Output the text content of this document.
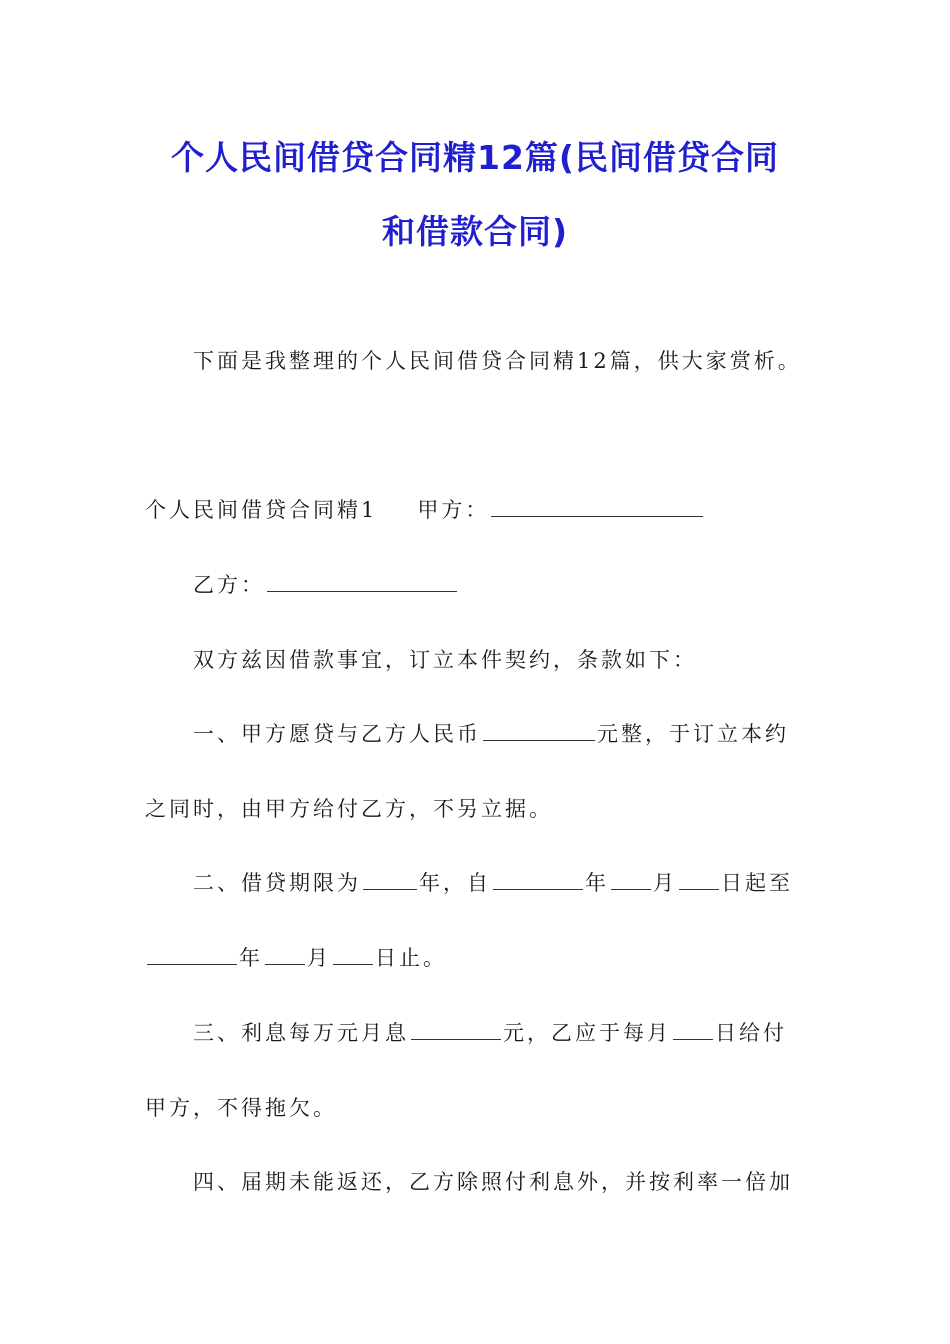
个人民间借贷合同精12篇(民间借贷合同
和借款合同)
下面是我整理的个人民间借贷合同精12篇，供大家赏析。
个人民间借贷合同精1 甲方：
乙方：
双方兹因借款事宜，订立本件契约，条款如下：
一、甲方愿贷与乙方人民币	元整，于订立本约
之同时，由甲方给付乙方，不另立据。
二、借贷期限为	年，自	年 月 日起至
年 月 日止。
三、利息每万元月息	元，乙应于每月 日给付
甲方，不得拖欠。
四、届期未能返还，乙方除照付利息外，并按利率一倍加
